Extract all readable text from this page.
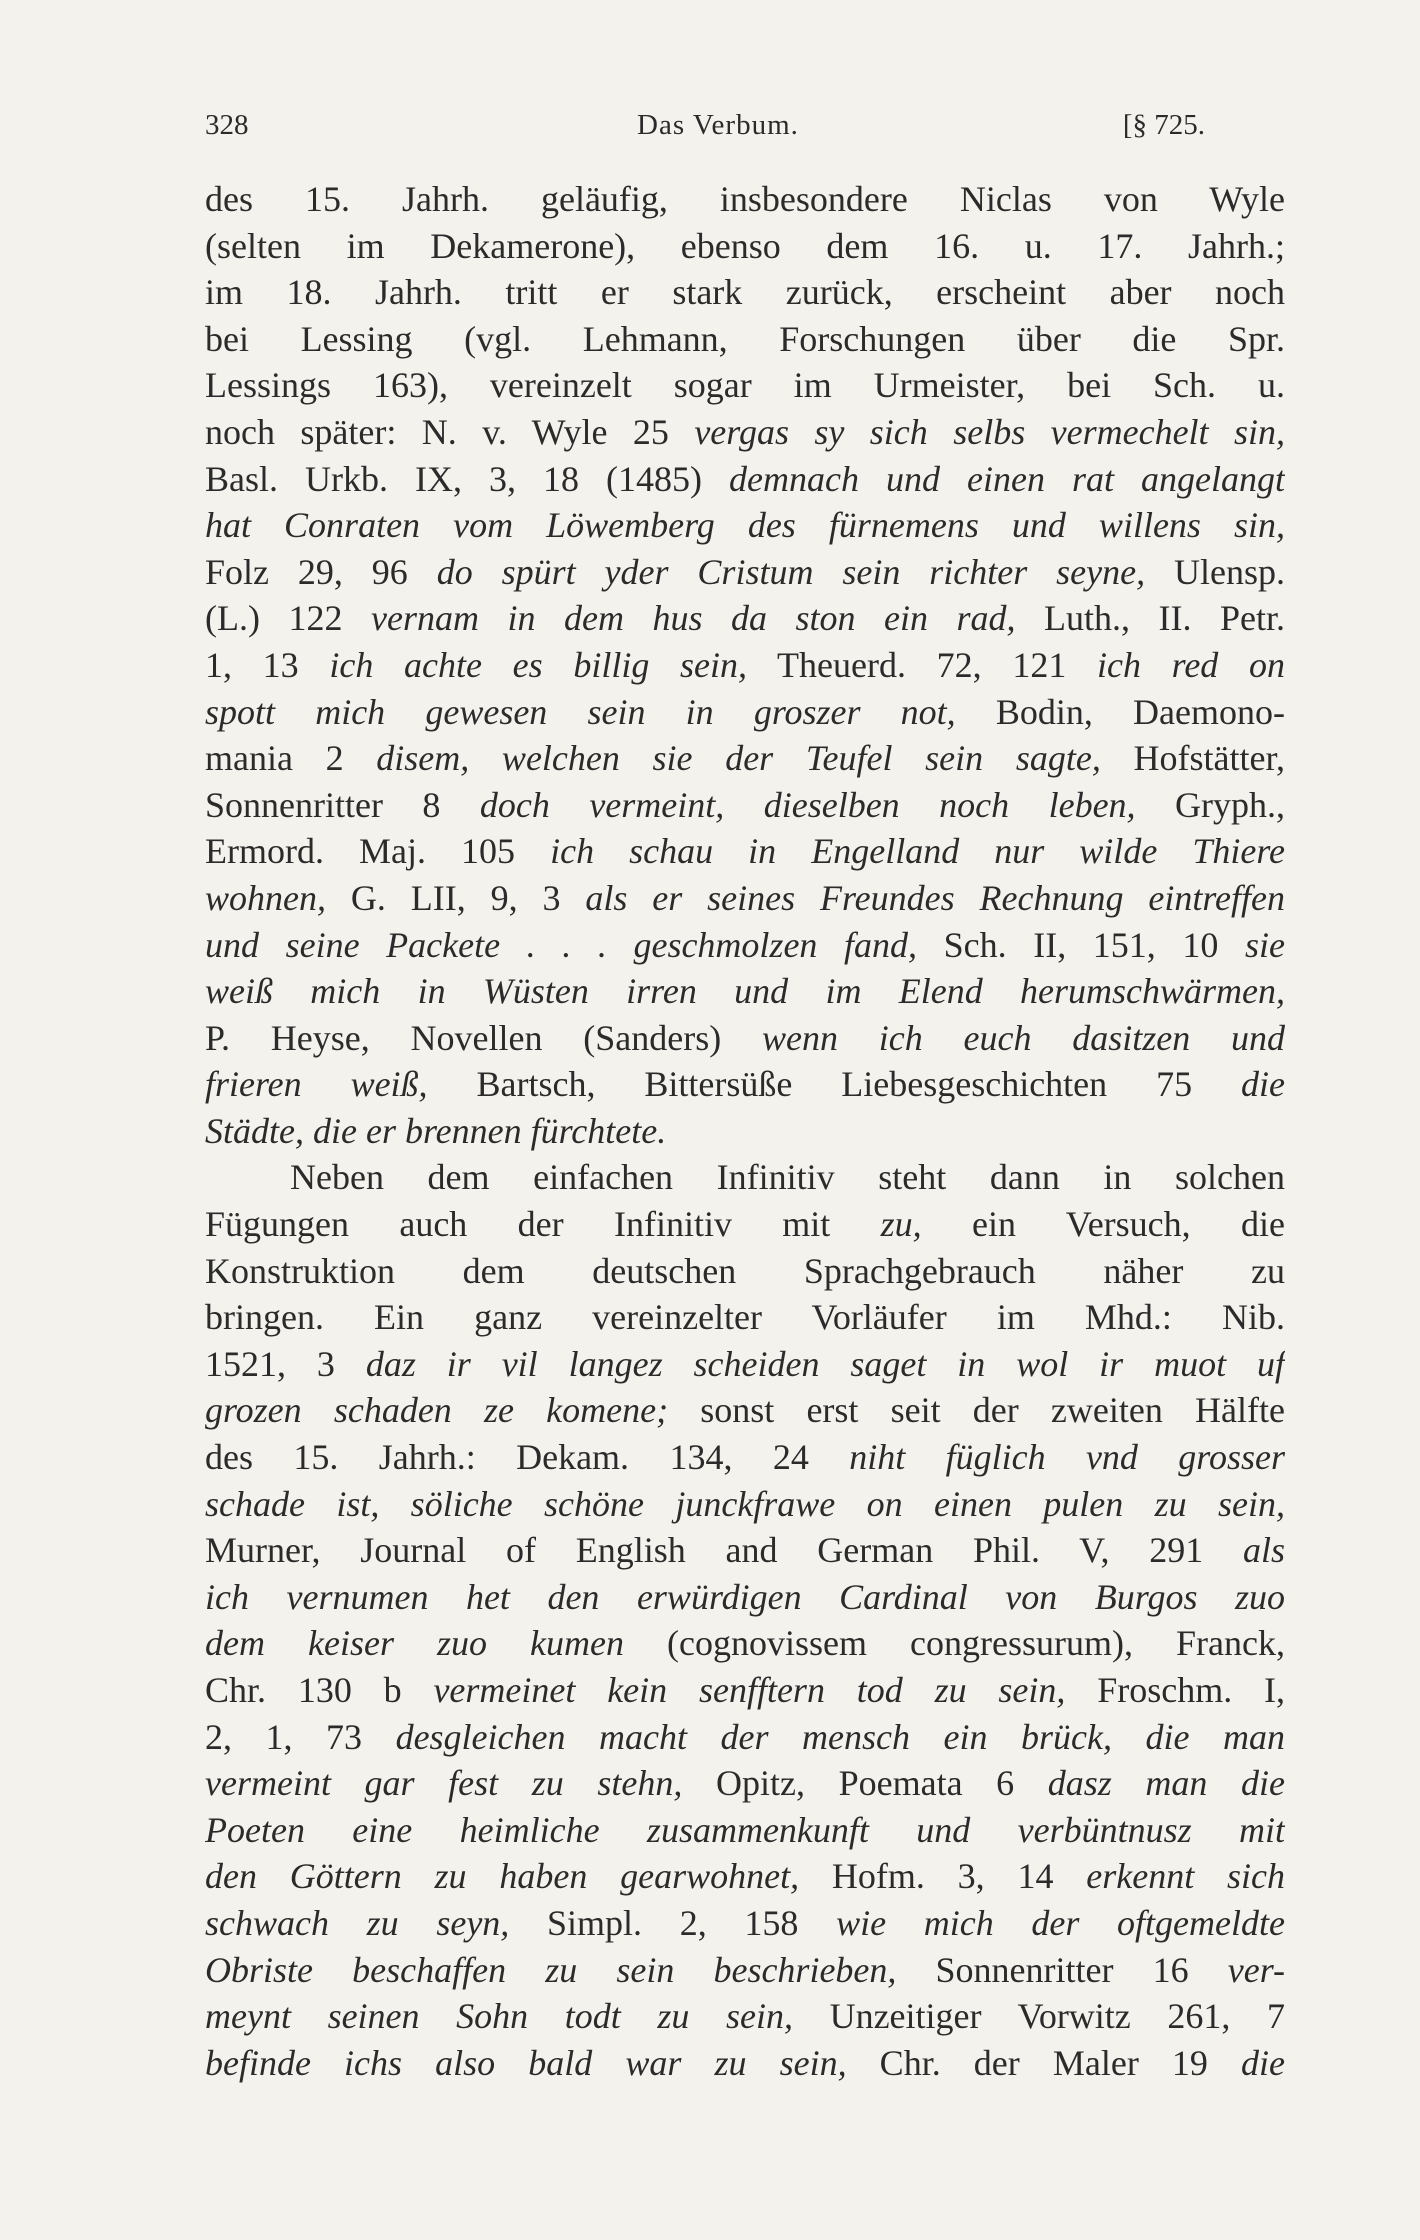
328	Das Verbum.	[§ 725.
des 15. Jahrh. geläufig, insbesondere Niclas von Wyle
(selten im Dekamerone), ebenso dem 16. u. 17. Jahrh.;
im 18. Jahrh. tritt er stark zurück, erscheint aber noch
bei Lessing (vgl. Lehmann, Forschungen über die Spr.
Lessings 163), vereinzelt sogar im Urmeister, bei Sch. u.
noch später: N. v. Wyle 25 vergas sy sich selbs vermechelt sin,
Basl. Urkb. IX, 3, 18 (1485) demnach und einen rat angelangt
hat Conraten vom Löwemberg des fürnemens und willens sin,
Folz 29, 96 do spürt yder Cristum sein richter seyne, Ulensp.
(L.) 122 vernam in dem hus da ston ein rad, Luth., II. Petr.
1, 13 ich achte es billig sein, Theuerd. 72, 121 ich red on
spott mich gewesen sein in groszer not, Bodin, Daemono-
mania 2 disem, welchen sie der Teufel sein sagte, Hofstätter,
Sonnenritter 8 doch vermeint, dieselben noch leben, Gryph.,
Ermord. Maj. 105 ich schau in Engelland nur wilde Thiere
wohnen, G. LII, 9, 3 als er seines Freundes Rechnung eintreffen
und seine Packete . . . geschmolzen fand, Sch. II, 151, 10 sie
weiß mich in Wüsten irren und im Elend herumschwärmen,
P. Heyse, Novellen (Sanders) wenn ich euch dasitzen und
frieren weiß, Bartsch, Bittersüße Liebesgeschichten 75 die
Städte, die er brennen fürchtete.
Neben dem einfachen Infinitiv steht dann in solchen
Fügungen auch der Infinitiv mit zu, ein Versuch, die
Konstruktion dem deutschen Sprachgebrauch näher zu
bringen. Ein ganz vereinzelter Vorläufer im Mhd.: Nib.
1521, 3 daz ir vil langez scheiden saget in wol ir muot uf
grozen schaden ze komene; sonst erst seit der zweiten Hälfte
des 15. Jahrh.: Dekam. 134, 24 niht füglich vnd grosser
schade ist, söliche schöne junckfrawe on einen pulen zu sein,
Murner, Journal of English and German Phil. V, 291 als
ich vernumen het den erwürdigen Cardinal von Burgos zuo
dem keiser zuo kumen (cognovissem congressurum), Franck,
Chr. 130 b vermeinet kein senfftern tod zu sein, Froschm. I,
2, 1, 73 desgleichen macht der mensch ein brück, die man
vermeint gar fest zu stehn, Opitz, Poemata 6 dasz man die
Poeten eine heimliche zusammenkunft und verbüntnusz mit
den Göttern zu haben gearwohnet, Hofm. 3, 14 erkennt sich
schwach zu seyn, Simpl. 2, 158 wie mich der oftgemeldte
Obriste beschaffen zu sein beschrieben, Sonnenritter 16 ver-
meynt seinen Sohn todt zu sein, Unzeitiger Vorwitz 261, 7
befinde ichs also bald war zu sein, Chr. der Maler 19 die
